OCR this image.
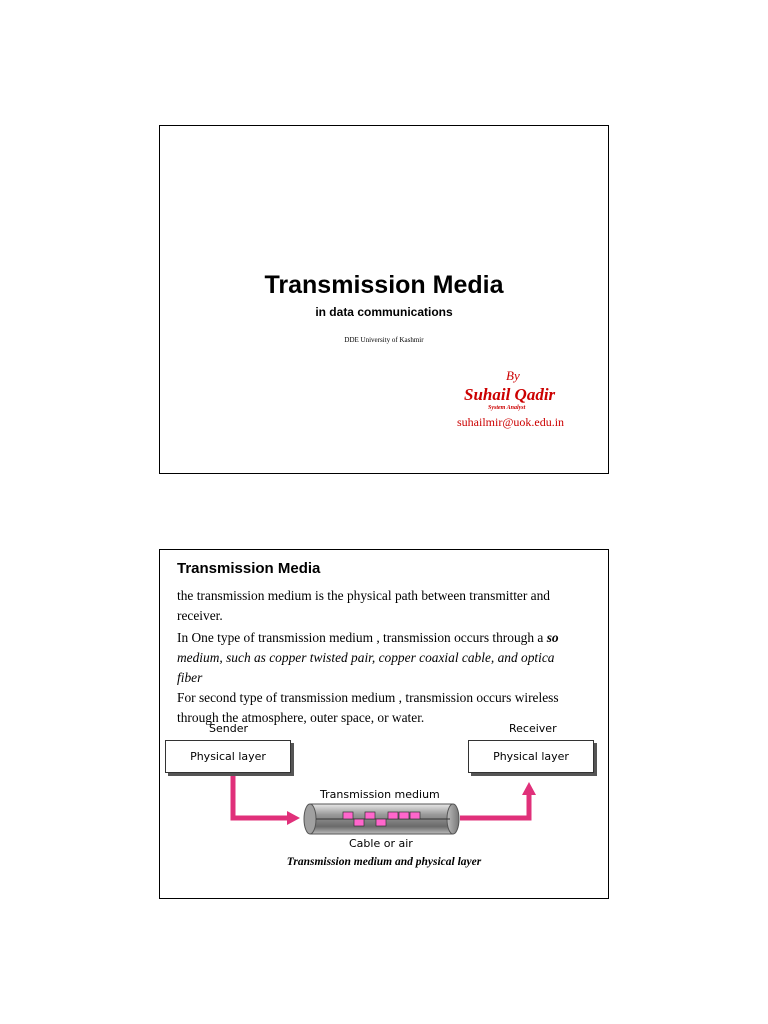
Transmission Media
in data communications
DDE University of Kashmir
By
Suhail Qadir
System Analyst
suhailmir@uok.edu.in
Transmission Media

the transmission medium is the physical path between transmitter and

receiver.

In One type of transmission medium , transmission occurs through a so

medium, such as copper twisted pair, copper coaxial cable, and optica

fiber

For second type of transmission medium , transmission occurs wireless

through the atmosphere, outer space, or water.

Sender	Receiver
Physical layer	Physical layer
Transmission medium
Cable or air
Transmission medium and physical layer
